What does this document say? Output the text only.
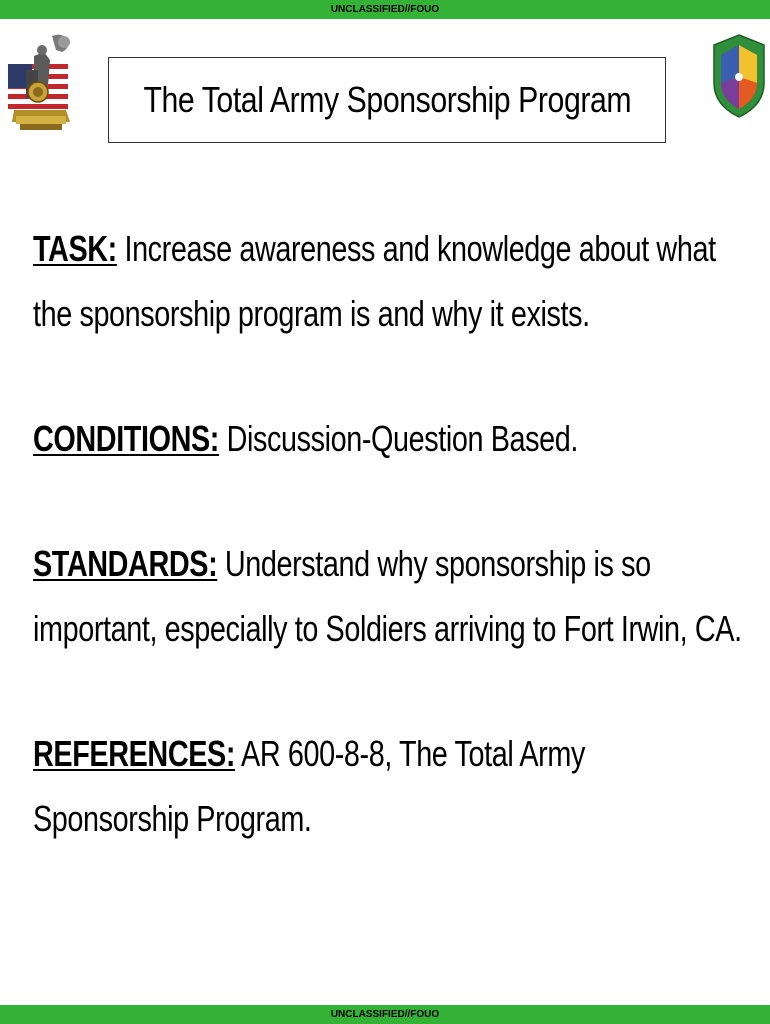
UNCLASSIFIED//FOUO
The Total Army Sponsorship Program

TASK: Increase awareness and knowledge about what the sponsorship program is and why it exists.

CONDITIONS: Discussion-Question Based.

STANDARDS: Understand why sponsorship is so important, especially to Soldiers arriving to Fort Irwin, CA.

REFERENCES: AR 600-8-8, The Total Army Sponsorship Program.

UNCLASSIFIED//FOUO
